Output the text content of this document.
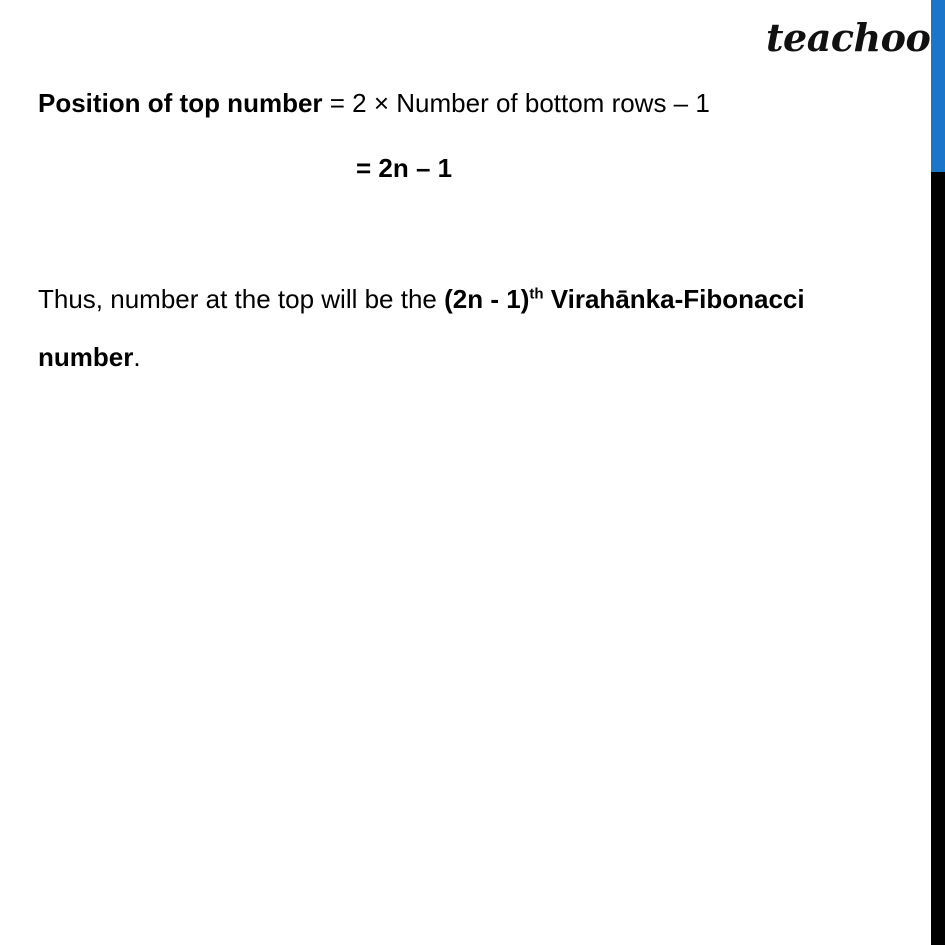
teachoo
Position of top number = 2 × Number of bottom rows – 1
= 2n – 1
Thus, number at the top will be the (2n - 1)$^{th}$ Virahānka-Fibonacci
number.
